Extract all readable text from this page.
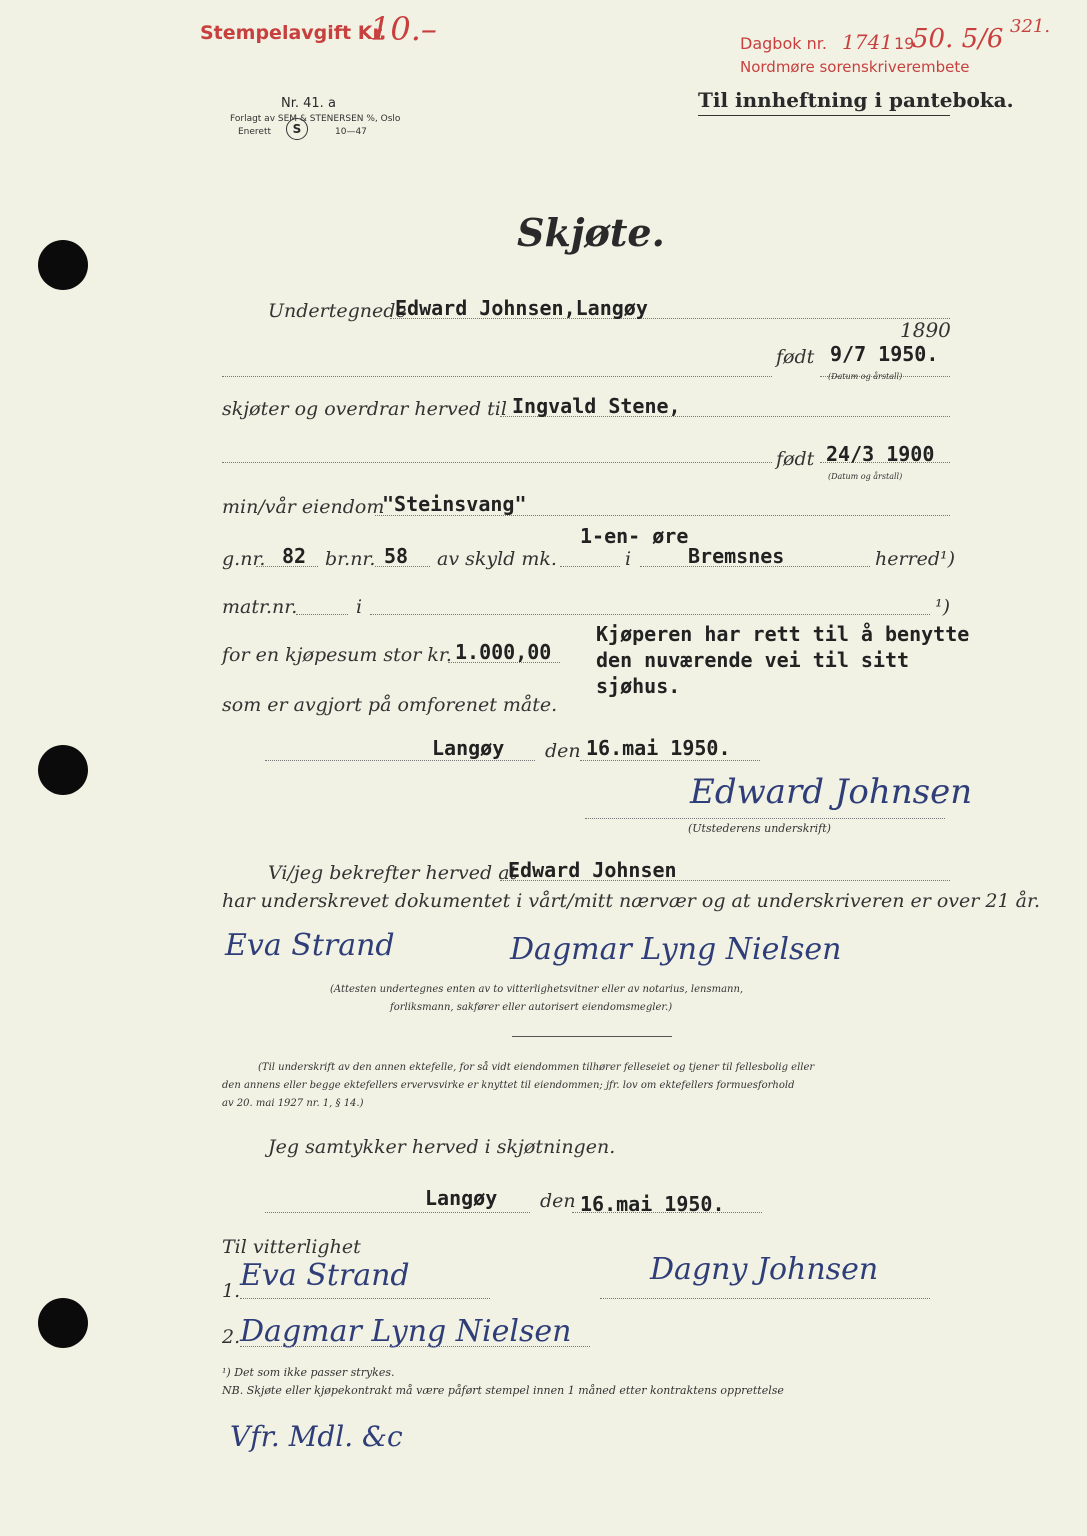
Stempelavgift Kr.
10.–	Dagbok nr. 1741 19
50. 5/6 321.
Nordmøre sorenskriverembete
Nr. 41. a
Forlagt av SEM & STENERSEN %, Oslo
Enerett	S	10—47
Til innheftning i panteboka.
Skjøte.
Undertegnede
Edward Johnsen,Langøy
1890
født 9/7 1950.
(Datum og årstall)
skjøter og overdrar herved til Ingvald Stene,
født 24/3 1900
(Datum og årstall)
min/vår eiendom
"Steinsvang"
1-en- øre
g.nr. 82 br.nr. 58 av skyld mk.	i	Bremsnes	herred¹)
matr.nr.	i	¹)
for en kjøpesum stor kr. 1.000,00
Kjøperen har rett til å benytte
den nuværende vei til sitt
sjøhus.
som er avgjort på omforenet måte.
Langøy den 16.mai 1950.
Edward Johnsen
(Utstederens underskrift)
Vi/jeg bekrefter herved at
Edward Johnsen
har underskrevet dokumentet i vårt/mitt nærvær og at underskriveren er over 21 år.
Eva Strand	Dagmar Lyng Nielsen
(Attesten undertegnes enten av to vitterlighetsvitner eller av notarius, lensmann,
forliksmann, sakfører eller autorisert eiendomsmegler.)
(Til underskrift av den annen ektefelle, for så vidt eiendommen tilhører felleseiet og tjener til fellesbolig eller
den annens eller begge ektefellers ervervsvirke er knyttet til eiendommen; jfr. lov om ektefellers formuesforhold
av 20. mai 1927 nr. 1, § 14.)
Jeg samtykker herved i skjøtningen.
Langøy den 16.mai 1950.
Til vitterlighet
1. Eva Strand	Dagny Johnsen
2. Dagmar Lyng Nielsen
¹) Det som ikke passer strykes.
NB. Skjøte eller kjøpekontrakt må være påført stempel innen 1 måned etter kontraktens opprettelse
Vfr. Mdl. &c
